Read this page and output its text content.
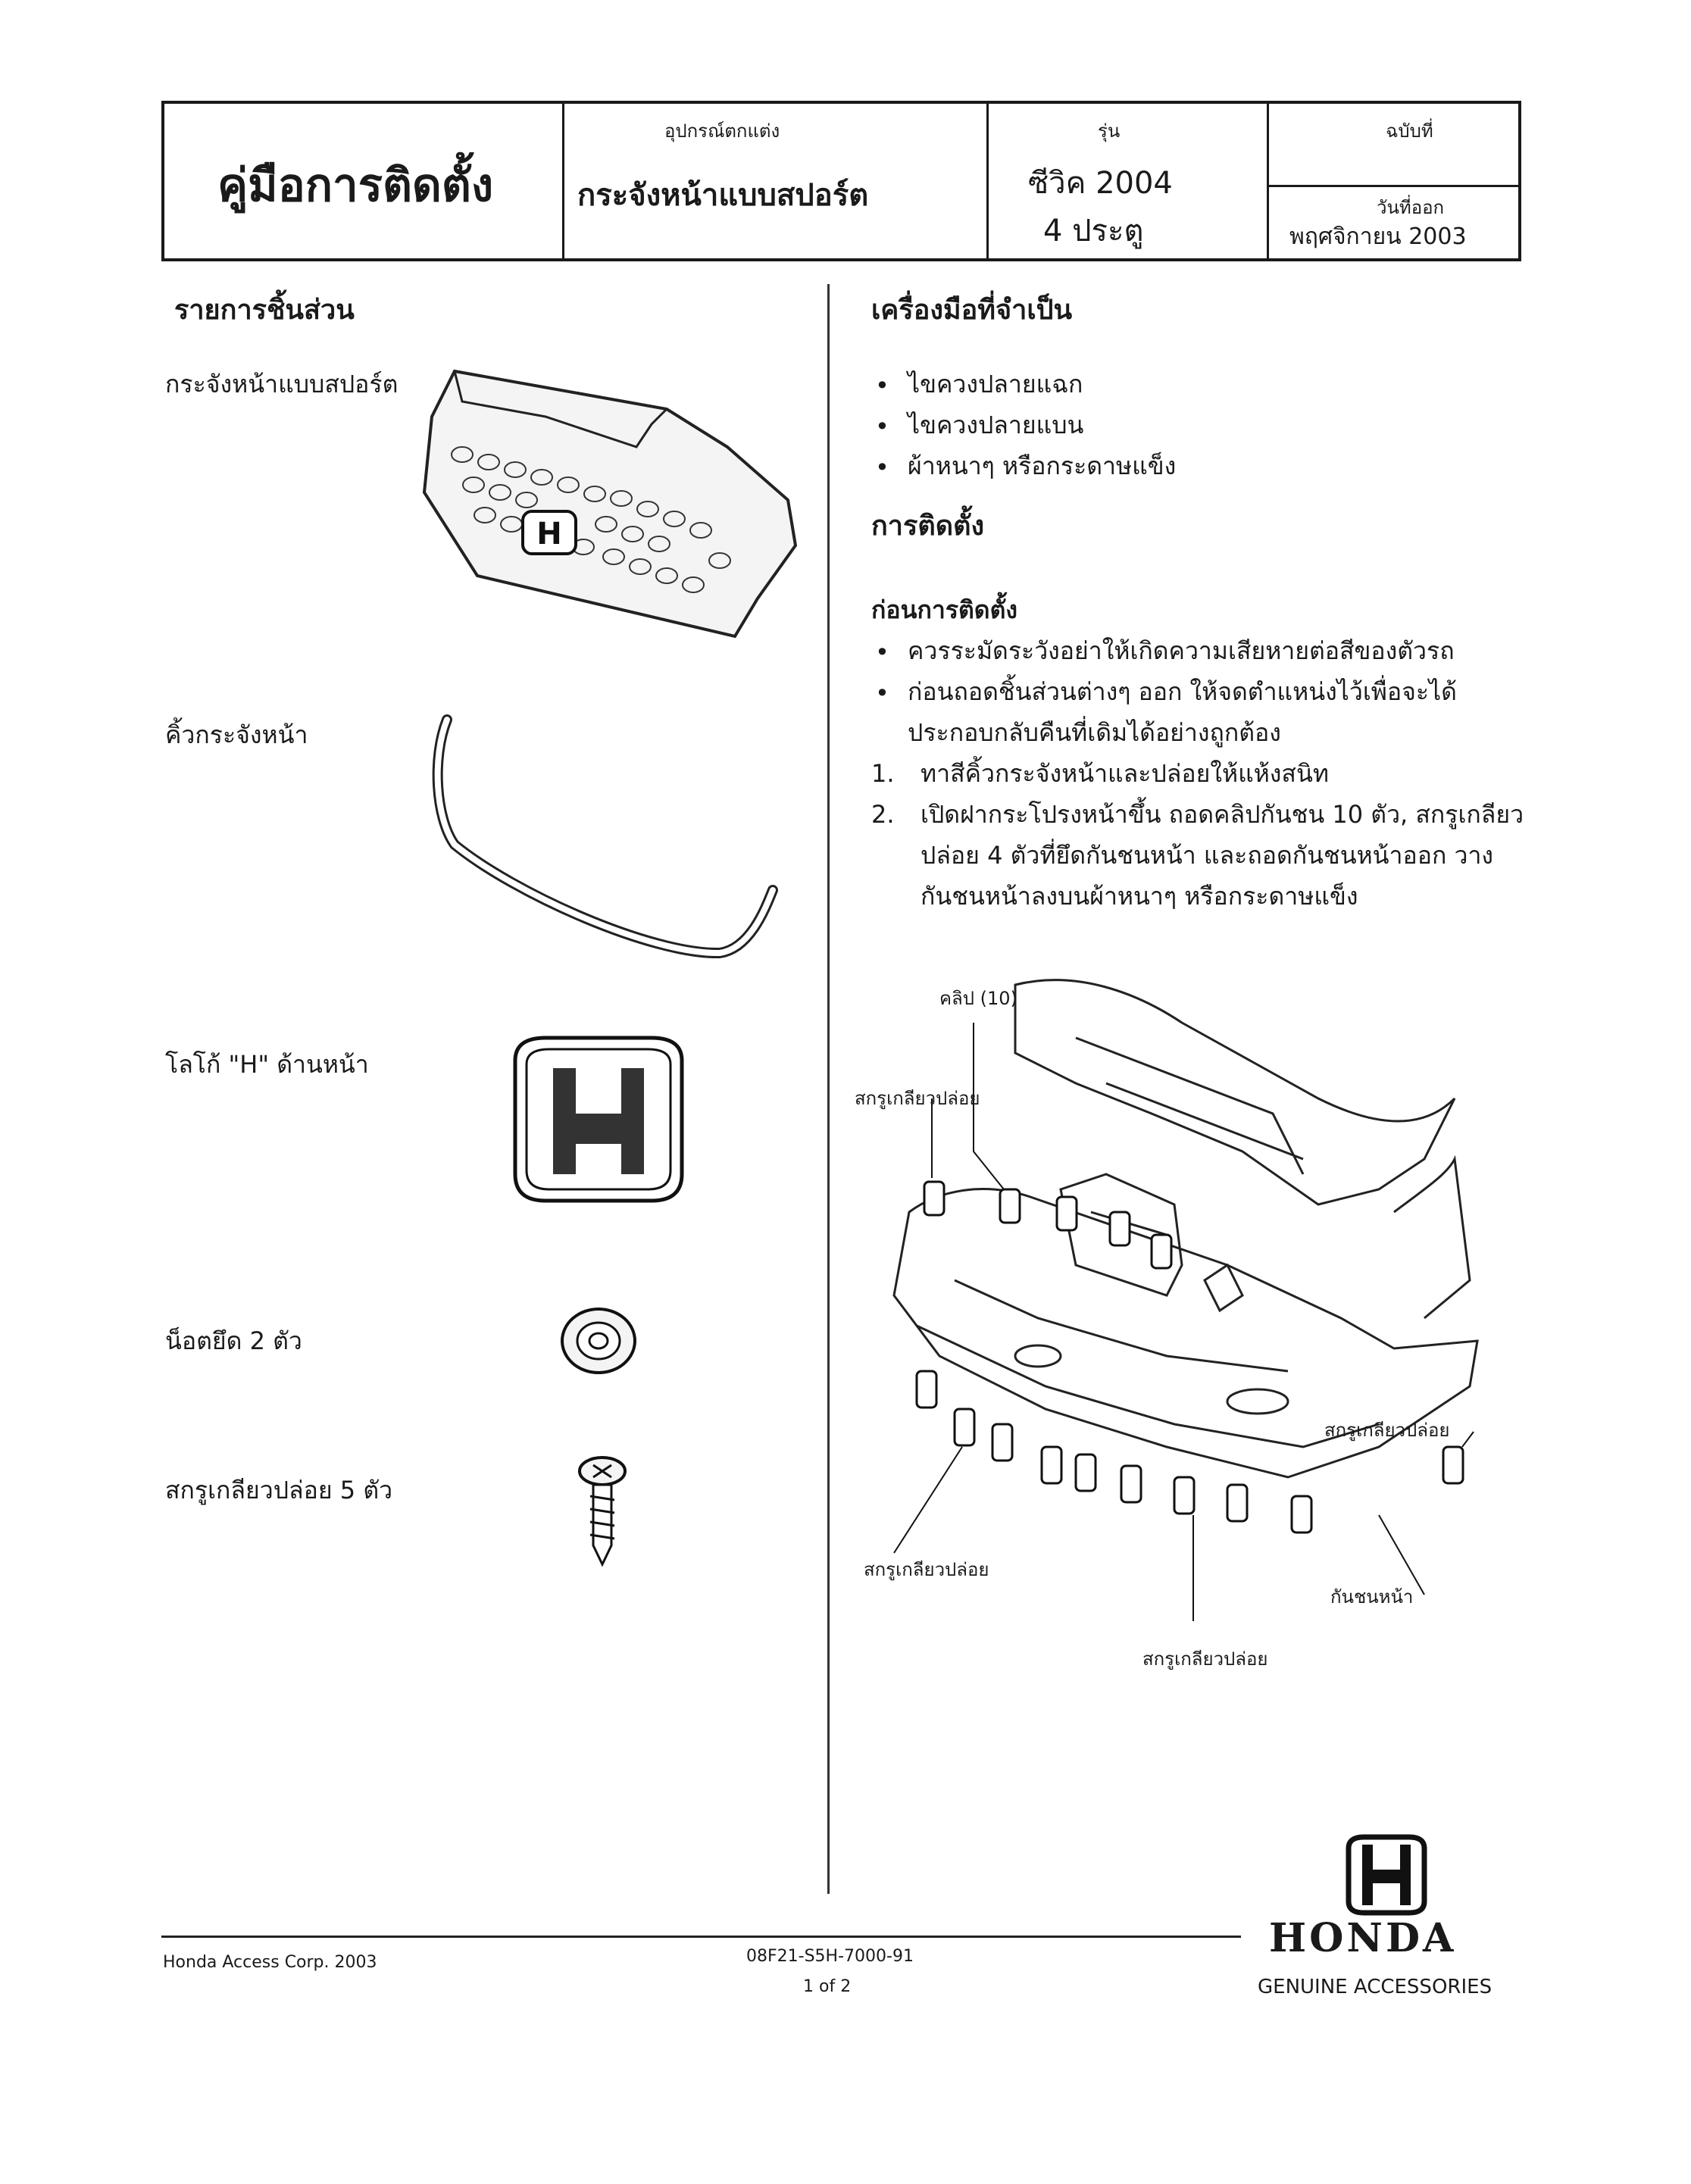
คู่มือการติดตั้ง
อุปกรณ์ตกแต่ง
กระจังหน้าแบบสปอร์ต
รุ่น
ซีวิค 2004
4 ประตู
ฉบับที่
วันที่ออก
พฤศจิกายน 2003
รายการชิ้นส่วน
กระจังหน้าแบบสปอร์ต
คิ้วกระจังหน้า
โลโก้ "H" ด้านหน้า
น็อตยึด 2 ตัว
สกรูเกลียวปล่อย 5 ตัว
H
เครื่องมือที่จำเป็น
• ไขควงปลายแฉก
• ไขควงปลายแบน
• ผ้าหนาๆ หรือกระดาษแข็ง
การติดตั้ง
ก่อนการติดตั้ง
• ควรระมัดระวังอย่าให้เกิดความเสียหายต่อสีของตัวรถ
• ก่อนถอดชิ้นส่วนต่างๆ ออก ให้จดตำแหน่งไว้เพื่อจะได้
ประกอบกลับคืนที่เดิมได้อย่างถูกต้อง
1. ทาสีคิ้วกระจังหน้าและปล่อยให้แห้งสนิท
2. เปิดฝากระโปรงหน้าขึ้น ถอดคลิปกันชน 10 ตัว, สกรูเกลียว
ปล่อย 4 ตัวที่ยึดกันชนหน้า และถอดกันชนหน้าออก วาง
กันชนหน้าลงบนผ้าหนาๆ หรือกระดาษแข็ง
คลิป (10)
สกรูเกลียวปล่อย
สกรูเกลียวปล่อย
สกรูเกลียวปล่อย
สกรูเกลียวปล่อย
กันชนหน้า
Honda Access Corp. 2003	08F21-S5H-7000-91
1 of 2
HONDA
GENUINE ACCESSORIES
